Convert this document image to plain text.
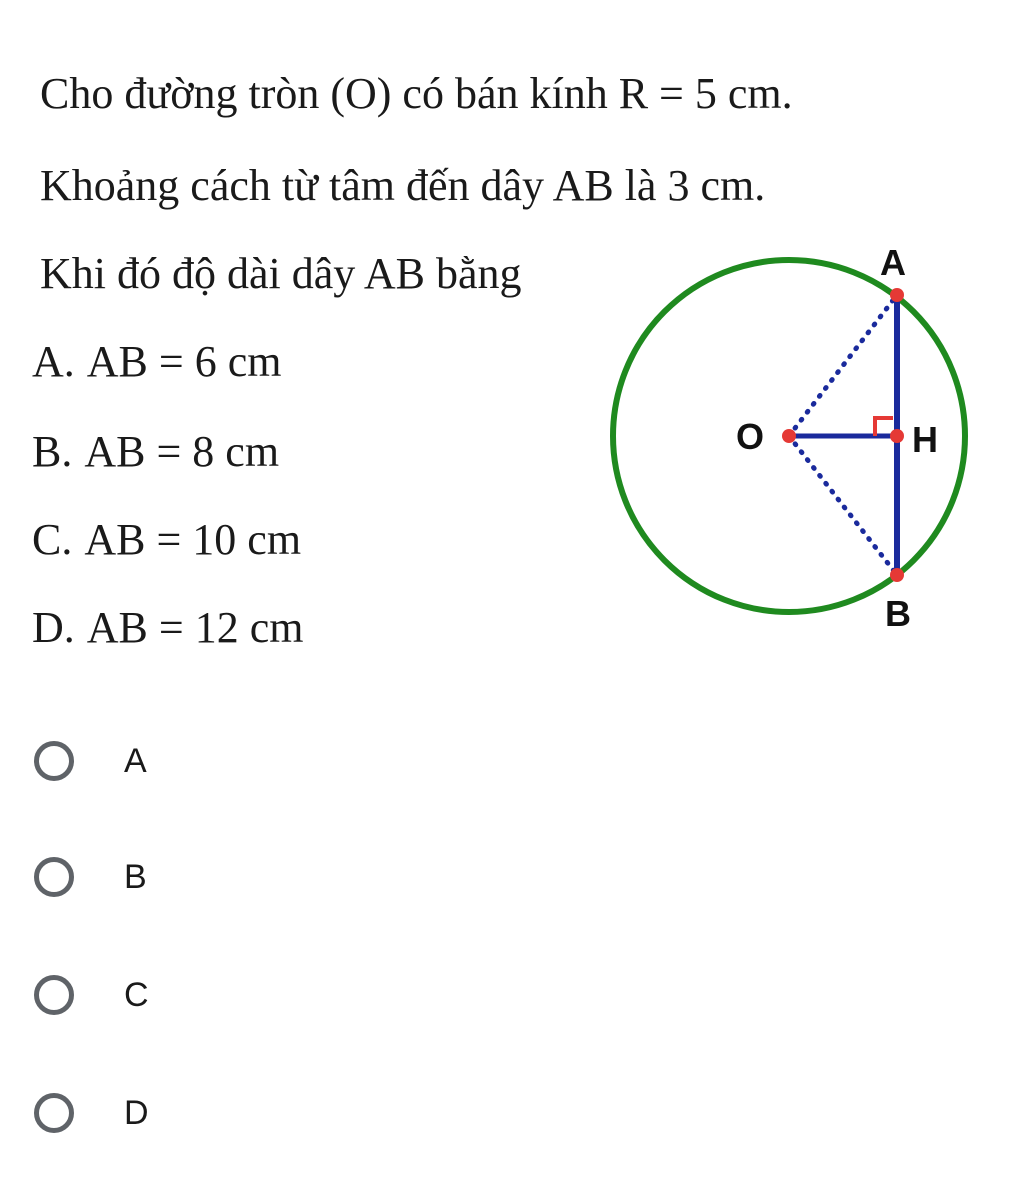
Cho đường tròn (O) có bán kính R = 5 cm.
Khoảng cách từ tâm đến dây AB là 3 cm.
Khi đó độ dài dây AB bằng
A. AB = 6 cm
B. AB = 8 cm
C. AB = 10 cm
D. AB = 12 cm
A
B
O	H
A
B
C
D
